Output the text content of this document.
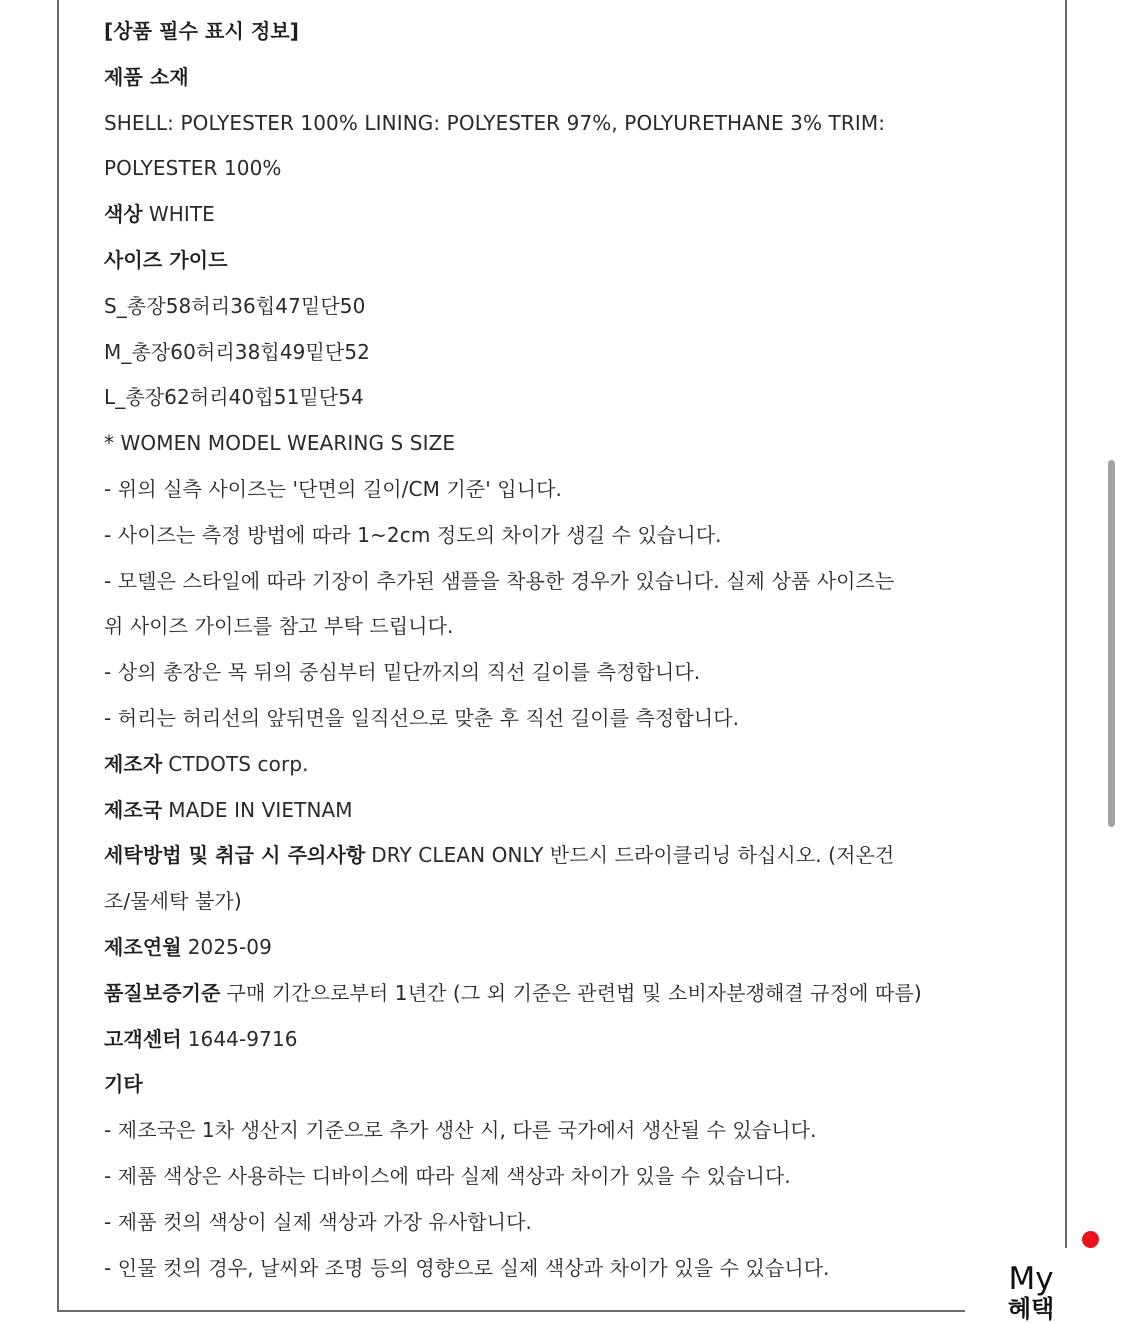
[상품 필수 표시 정보]
제품 소재
SHELL: POLYESTER 100% LINING: POLYESTER 97%, POLYURETHANE 3% TRIM:
POLYESTER 100%
색상 WHITE
사이즈 가이드
S_총장58허리36힙47밑단50
M_총장60허리38힙49밑단52
L_총장62허리40힙51밑단54
* WOMEN MODEL WEARING S SIZE
- 위의 실측 사이즈는 '단면의 길이/CM 기준' 입니다.
- 사이즈는 측정 방법에 따라 1~2cm 정도의 차이가 생길 수 있습니다.
- 모델은 스타일에 따라 기장이 추가된 샘플을 착용한 경우가 있습니다. 실제 상품 사이즈는
위 사이즈 가이드를 참고 부탁 드립니다.
- 상의 총장은 목 뒤의 중심부터 밑단까지의 직선 길이를 측정합니다.
- 허리는 허리선의 앞뒤면을 일직선으로 맞춘 후 직선 길이를 측정합니다.
제조자 CTDOTS corp.
제조국 MADE IN VIETNAM
세탁방법 및 취급 시 주의사항 DRY CLEAN ONLY 반드시 드라이클리닝 하십시오. (저온건
조/물세탁 불가)
제조연월 2025-09
품질보증기준 구매 기간으로부터 1년간 (그 외 기준은 관련법 및 소비자분쟁해결 규정에 따름)
고객센터 1644-9716
기타
- 제조국은 1차 생산지 기준으로 추가 생산 시, 다른 국가에서 생산될 수 있습니다.
- 제품 색상은 사용하는 디바이스에 따라 실제 색상과 차이가 있을 수 있습니다.
- 제품 컷의 색상이 실제 색상과 가장 유사합니다.
- 인물 컷의 경우, 날씨와 조명 등의 영향으로 실제 색상과 차이가 있을 수 있습니다.	My
혜택
